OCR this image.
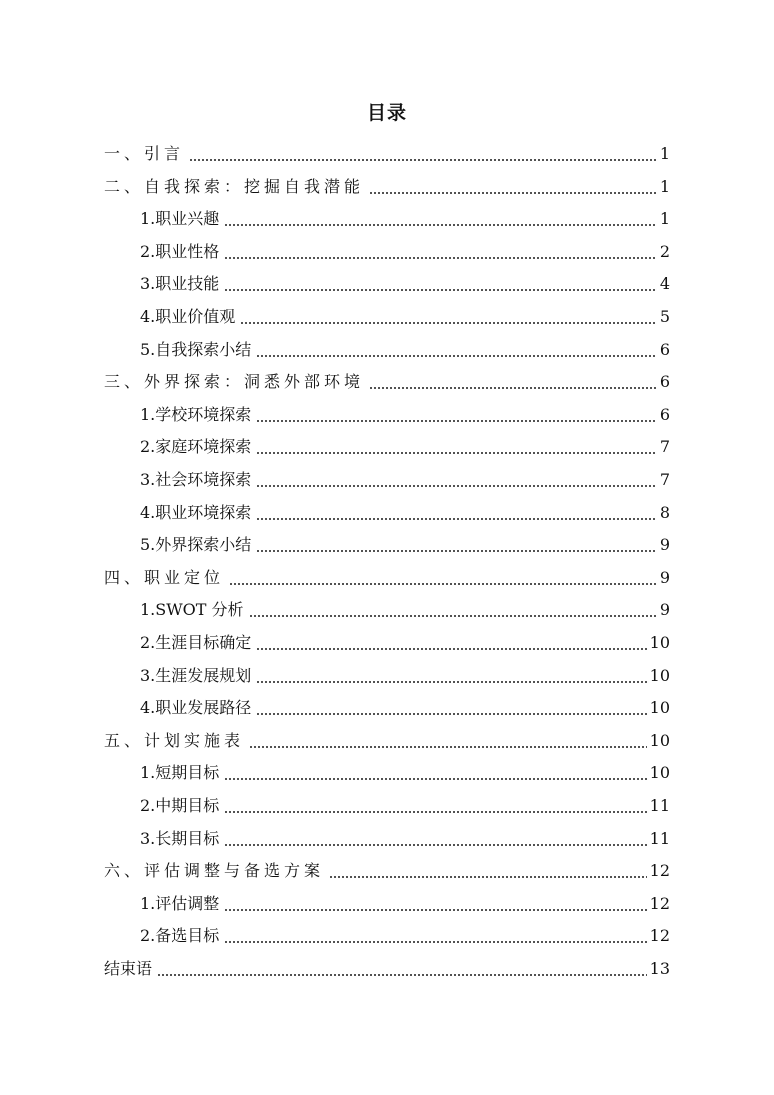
目录
一、引言	1
二、自我探索：挖掘自我潜能	1
1.职业兴趣	1
2.职业性格	2
3.职业技能	4
4.职业价值观	5
5.自我探索小结	6
三、外界探索：洞悉外部环境	6
1.学校环境探索	6
2.家庭环境探索	7
3.社会环境探索	7
4.职业环境探索	8
5.外界探索小结	9
四、职业定位	9
1.SWOT 分析	9
2.生涯目标确定	10
3.生涯发展规划	10
4.职业发展路径	10
五、计划实施表	10
1.短期目标	10
2.中期目标	11
3.长期目标	11
六、评估调整与备选方案	12
1.评估调整	12
2.备选目标	12
结束语	13
